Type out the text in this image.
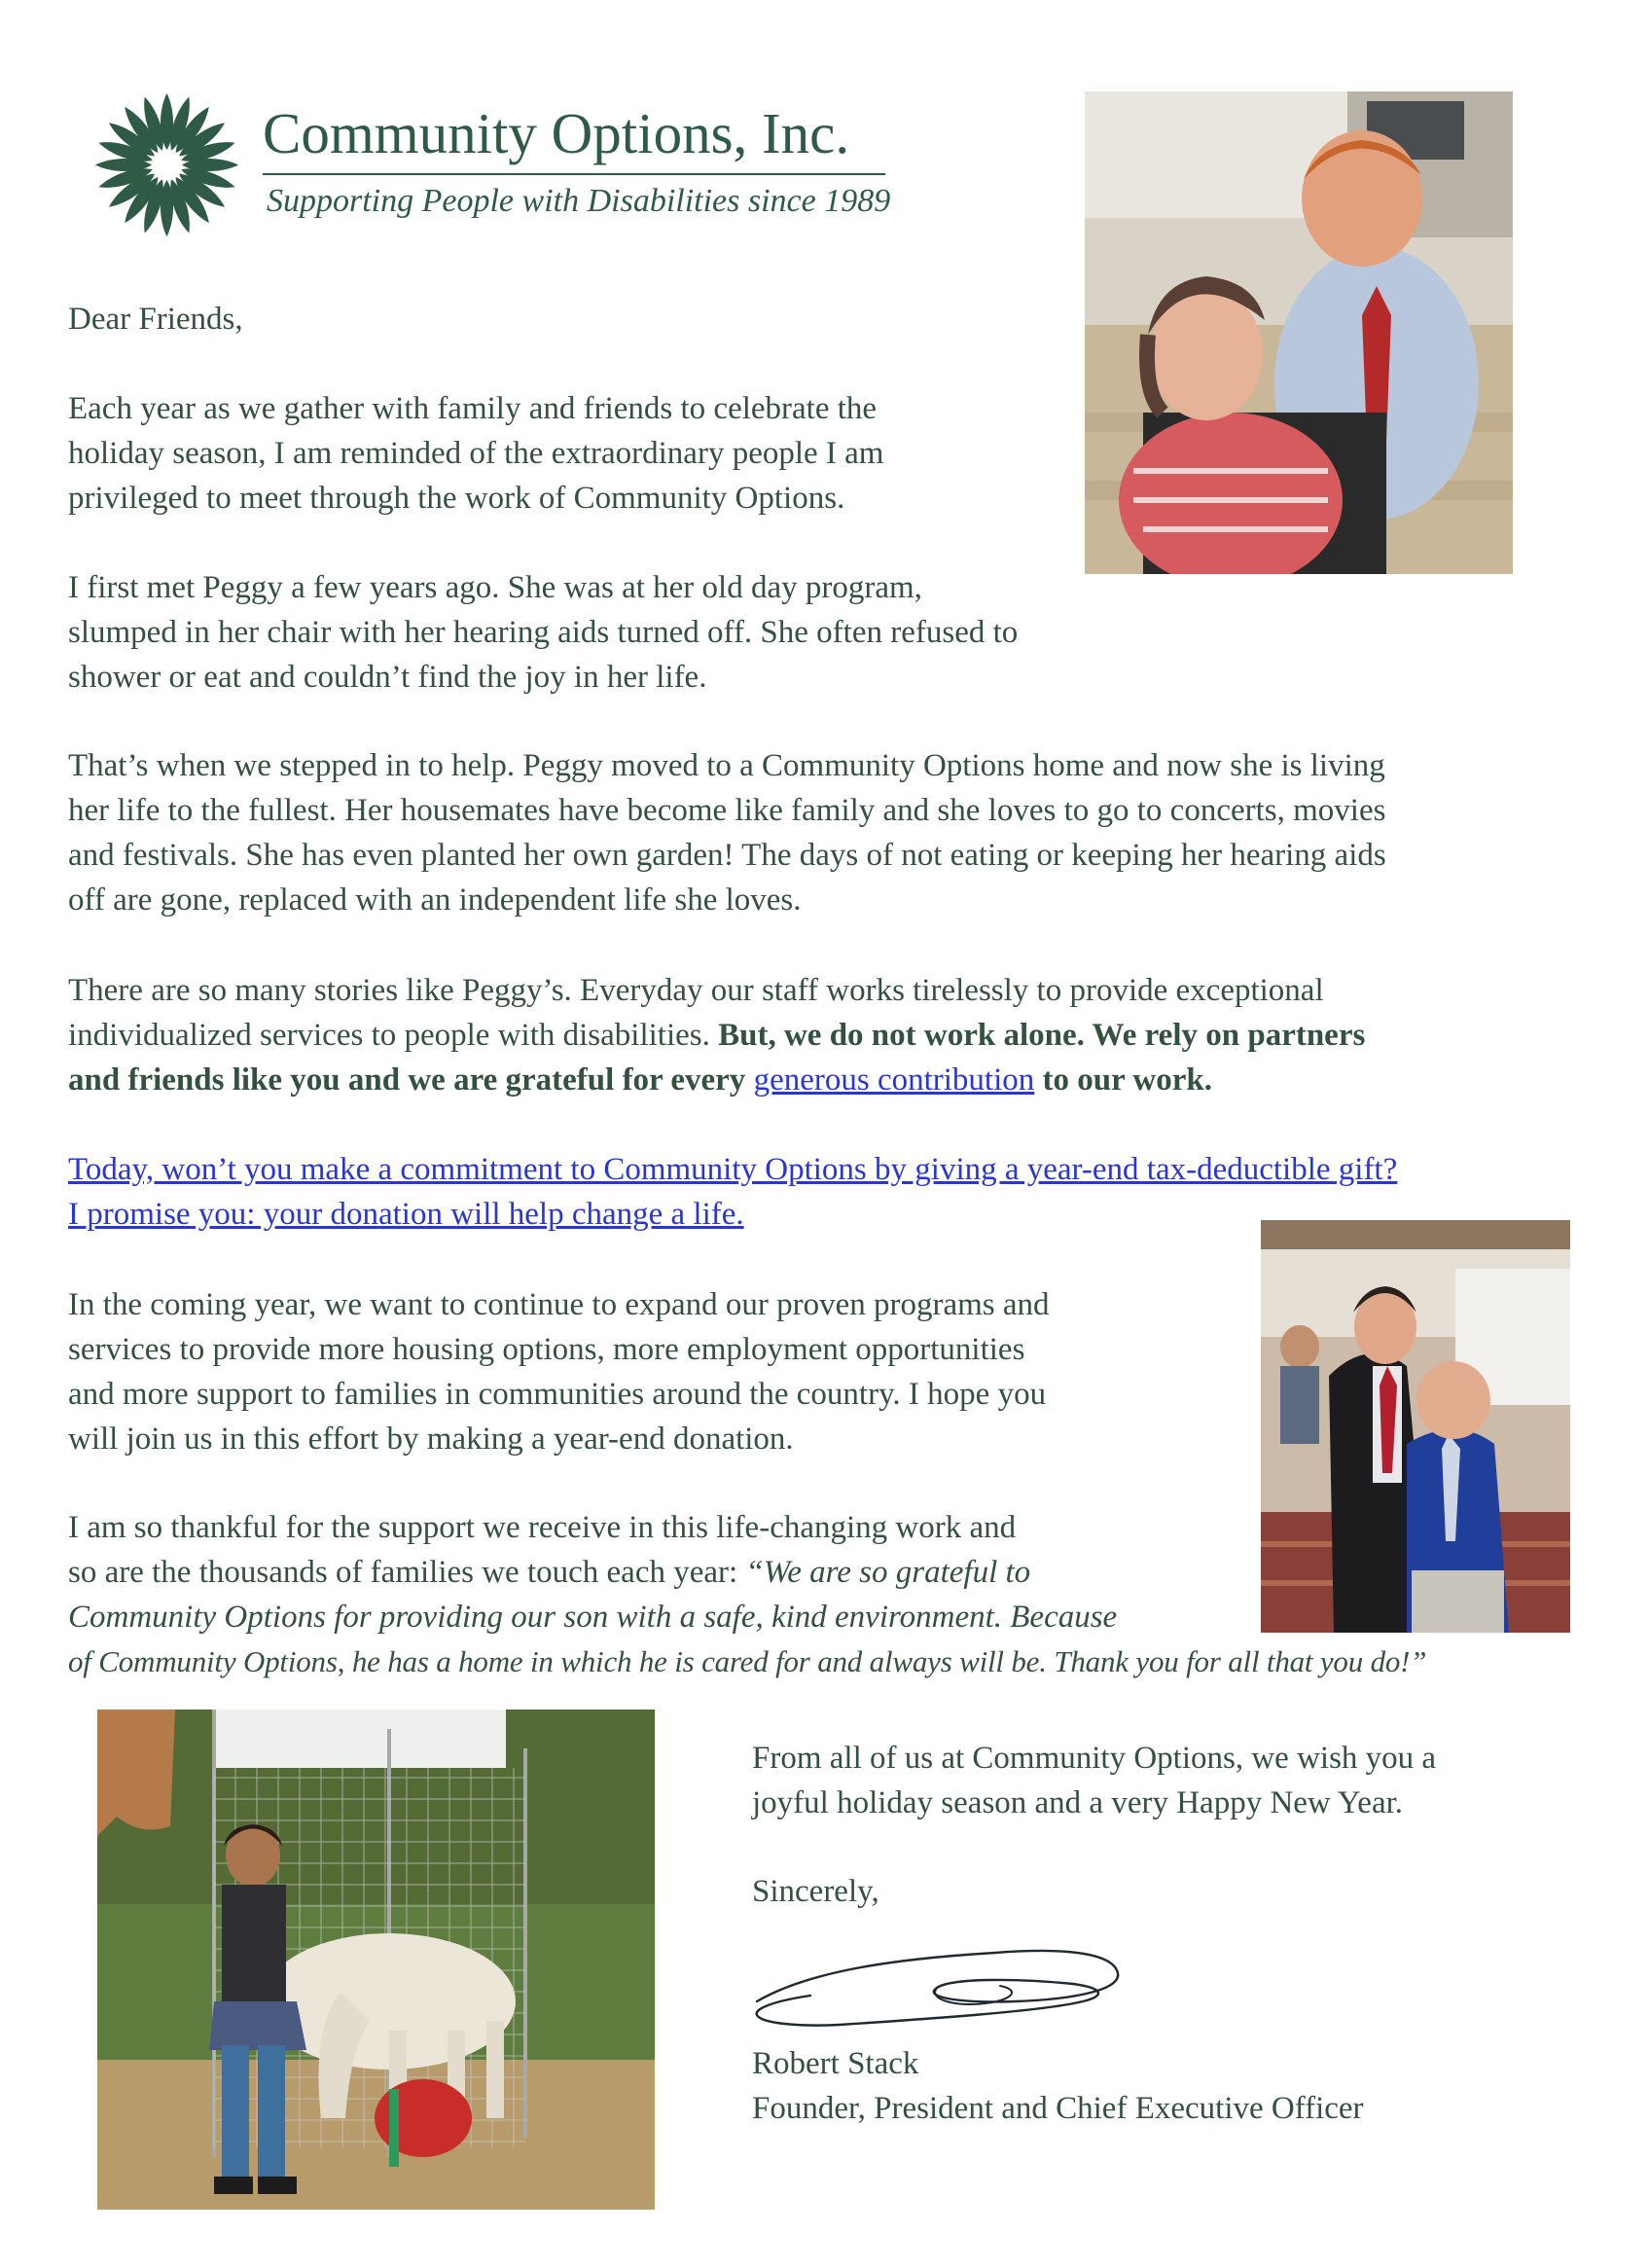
Community Options, Inc.
Supporting People with Disabilities since 1989

Dear Friends,

Each year as we gather with family and friends to celebrate the
holiday season, I am reminded of the extraordinary people I am
privileged to meet through the work of Community Options.

I first met Peggy a few years ago. She was at her old day program,
slumped in her chair with her hearing aids turned off. She often refused to
shower or eat and couldn’t find the joy in her life.

That’s when we stepped in to help. Peggy moved to a Community Options home and now she is living
her life to the fullest. Her housemates have become like family and she loves to go to concerts, movies
and festivals. She has even planted her own garden! The days of not eating or keeping her hearing aids
off are gone, replaced with an independent life she loves.

There are so many stories like Peggy’s. Everyday our staff works tirelessly to provide exceptional
individualized services to people with disabilities. But, we do not work alone. We rely on partners
and friends like you and we are grateful for every generous contribution to our work.

Today, won’t you make a commitment to Community Options by giving a year-end tax-deductible gift?
I promise you: your donation will help change a life.

In the coming year, we want to continue to expand our proven programs and
services to provide more housing options, more employment opportunities
and more support to families in communities around the country. I hope you
will join us in this effort by making a year-end donation.

I am so thankful for the support we receive in this life-changing work and
so are the thousands of families we touch each year: “We are so grateful to
Community Options for providing our son with a safe, kind environment. Because
of Community Options, he has a home in which he is cared for and always will be. Thank you for all that you do!”

From all of us at Community Options, we wish you a
joyful holiday season and a very Happy New Year.

Sincerely,

Robert Stack
Founder, President and Chief Executive Officer
